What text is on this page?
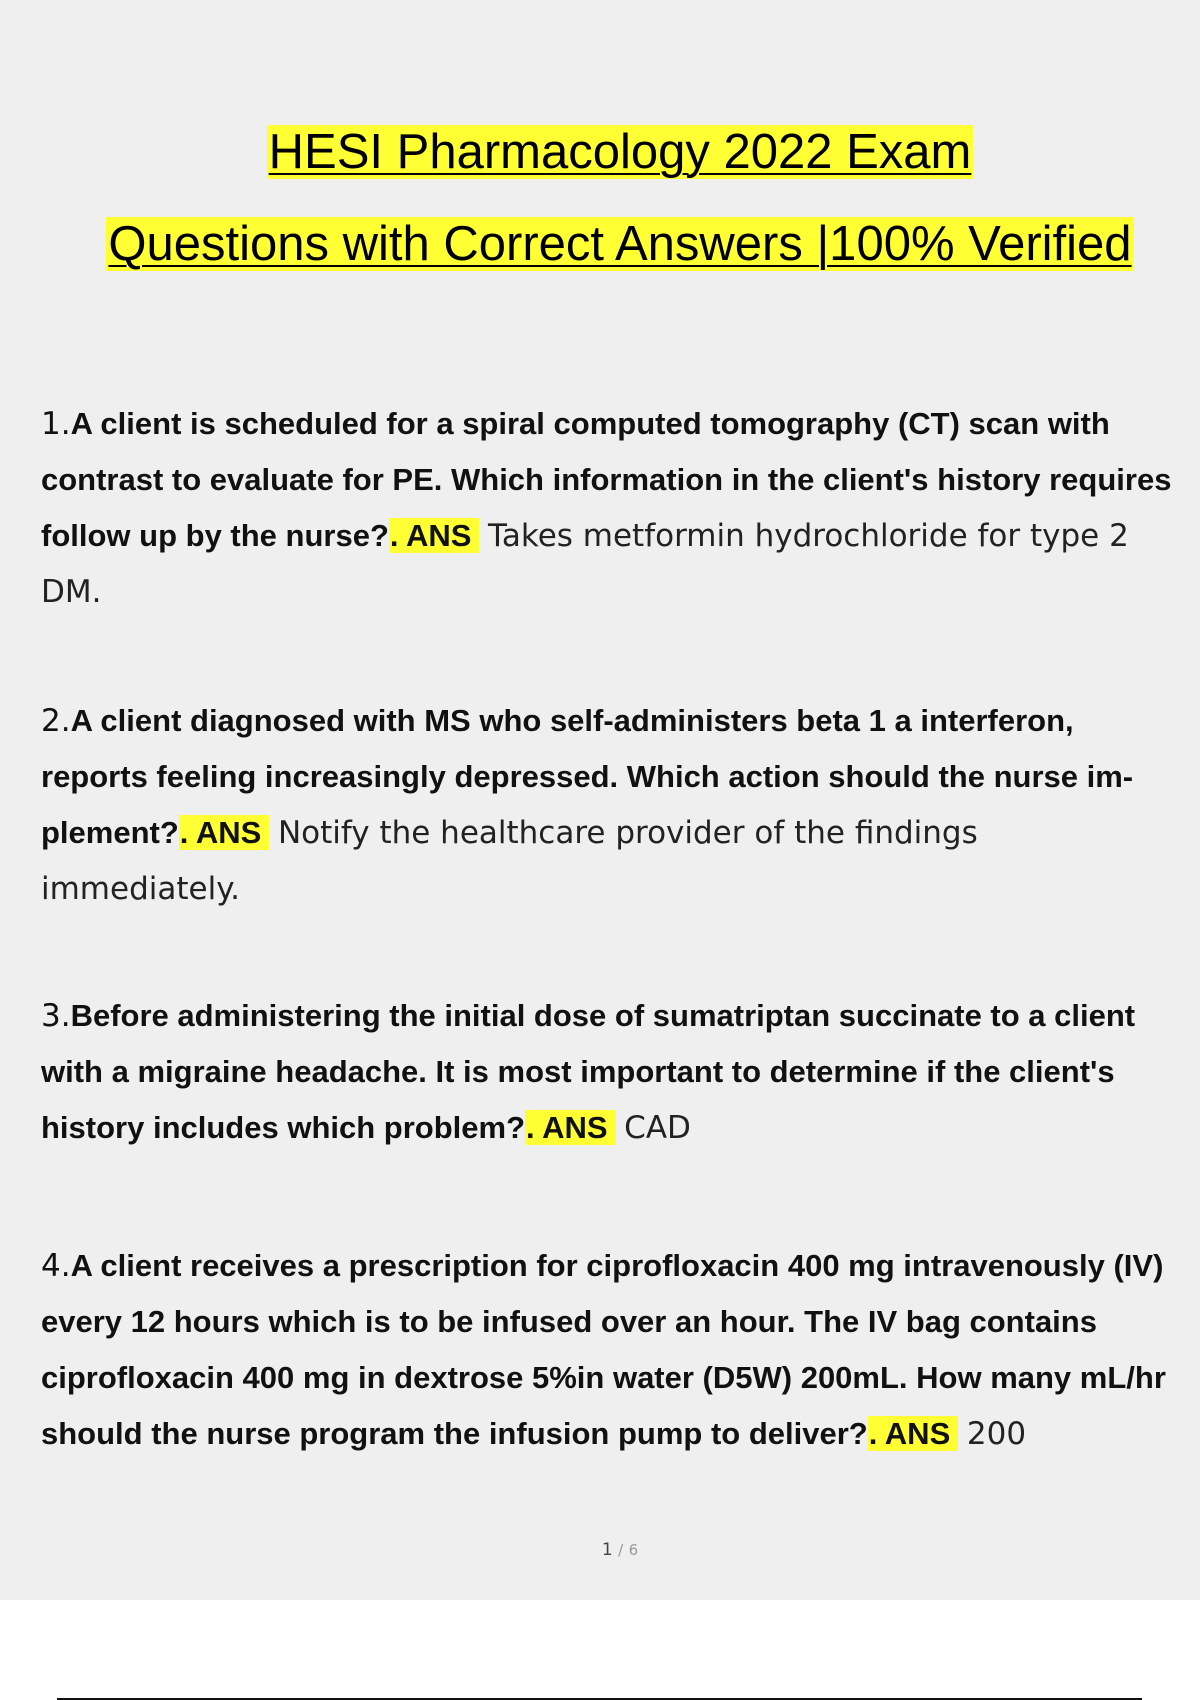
HESI Pharmacology 2022 Exam
Questions with Correct Answers |100% Verified
1.A client is scheduled for a spiral computed tomography (CT) scan with contrast to evaluate for PE. Which information in the client's history requires follow up by the nurse?. ANS Takes metformin hydrochloride for type 2 DM.
2.A client diagnosed with MS who self-administers beta 1 a interferon, reports feeling increasingly depressed. Which action should the nurse im- plement?. ANS Notify the healthcare provider of the findings immediately.
3.Before administering the initial dose of sumatriptan succinate to a client with a migraine headache. It is most important to determine if the client's history includes which problem?. ANS CAD
4.A client receives a prescription for ciprofloxacin 400 mg intravenously (IV) every 12 hours which is to be infused over an hour. The IV bag contains ciprofloxacin 400 mg in dextrose 5%in water (D5W) 200mL. How many mL/hr should the nurse program the infusion pump to deliver?. ANS 200
1 / 6
